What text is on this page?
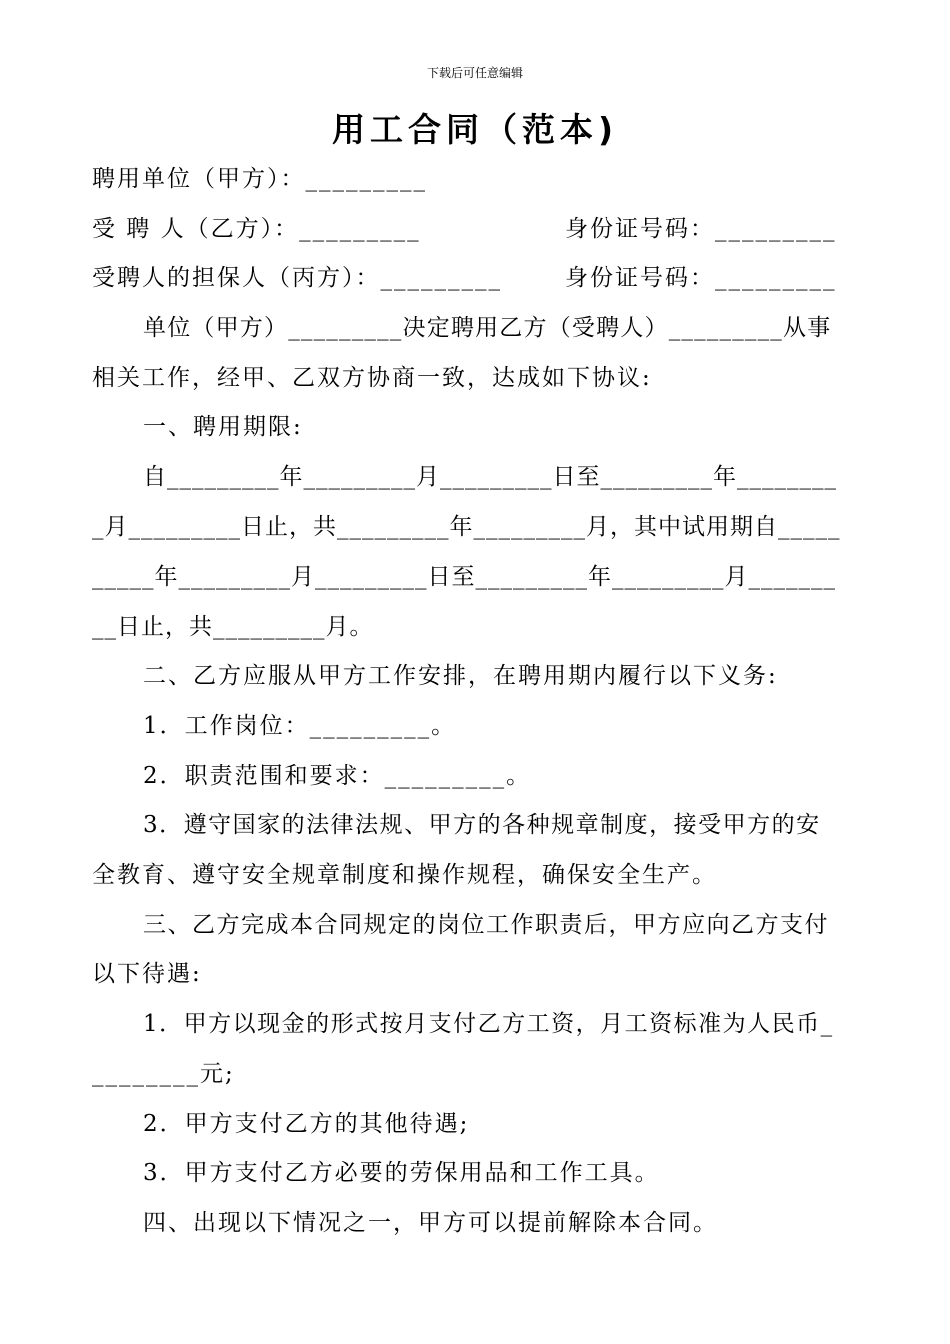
下载后可任意编辑
用工合同（范本)
聘用单位（甲方）：_________
受 聘 人（乙方）：_________	身份证号码：_________
受聘人的担保人（丙方）：_________	身份证号码：_________
单位（甲方）_________决定聘用乙方（受聘人）_________从事
相关工作，经甲、乙双方协商一致，达成如下协议:
一、聘用期限:
自_________年_________月_________日至_________年________
_月_________日止，共_________年_________月，其中试用期自_____
_____年_________月_________日至_________年_________月_______
__日止，共_________月。
二、乙方应服从甲方工作安排，在聘用期内履行以下义务:
1．工作岗位：_________。
2．职责范围和要求：_________。
3．遵守国家的法律法规、甲方的各种规章制度，接受甲方的安
全教育、遵守安全规章制度和操作规程，确保安全生产。
三、乙方完成本合同规定的岗位工作职责后，甲方应向乙方支付
以下待遇:
1．甲方以现金的形式按月支付乙方工资，月工资标准为人民币_
________元;
2．甲方支付乙方的其他待遇;
3．甲方支付乙方必要的劳保用品和工作工具。
四、出现以下情况之一，甲方可以提前解除本合同。
